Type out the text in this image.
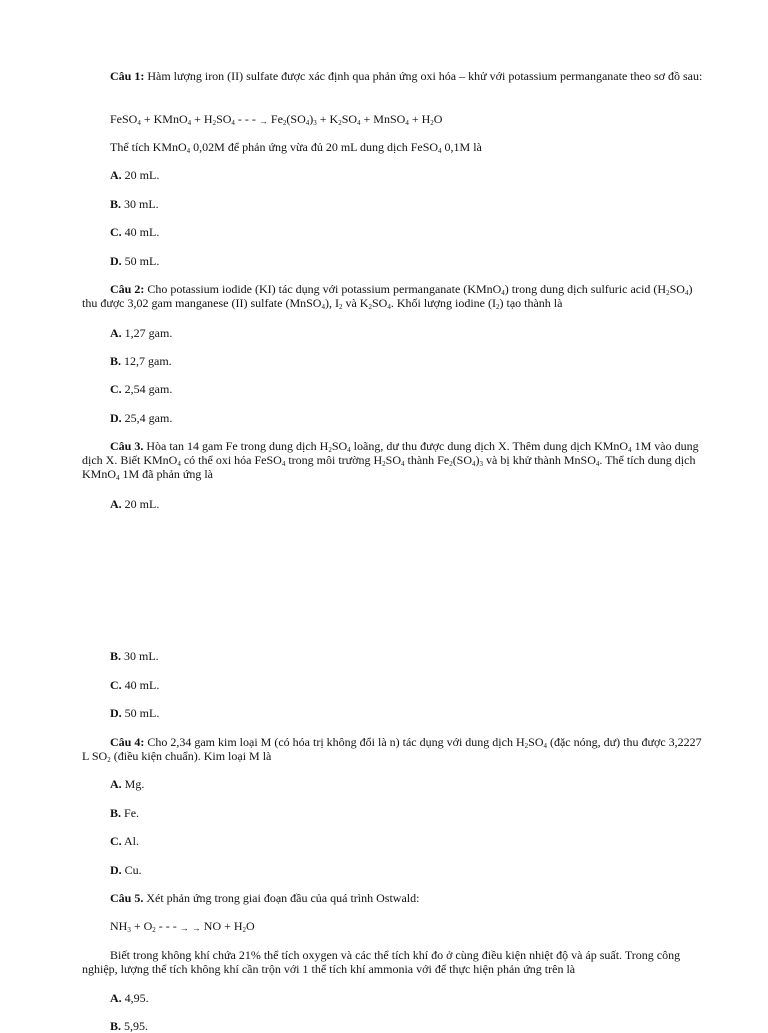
Câu 1: Hàm lượng iron (II) sulfate được xác định qua phản ứng oxi hóa – khử với potassium permanganate theo sơ đồ sau:

FeSO$_4$ + KMnO$_4$ + $H_2SO_4$ - - - → $Fe_2(SO_4)_3 + K_2SO_4$ + MnSO$_4$ + $H_2O$

Thể tích KMnO$_4$ 0,02M để phản ứng vừa đủ 20 mL dung dịch FeSO$_4$ 0,1M là

A. 20 mL.

B. 30 mL.

C. 40 mL.

D. 50 mL.

Câu 2: Cho potassium iodide (KI) tác dụng với potassium permanganate (KMnO$_4$) trong dung dịch sulfuric acid $(H_2SO_4)$ thu được 3,02 gam manganese (II) sulfate (MnSO$_4$), $I_2$ và $K_2SO_4$. Khối lượng iodine $(I_2)$ tạo thành là

A. 1,27 gam.

B. 12,7 gam.

C. 2,54 gam.

D. 25,4 gam.

Câu 3. Hòa tan 14 gam Fe trong dung dịch $H_2SO_4$ loãng, dư thu được dung dịch X. Thêm dung dịch KMnO$_4$ 1M vào dung dịch X. Biết KMnO$_4$ có thể oxi hóa FeSO$_4$ trong môi trường $H_2SO_4$ thành $Fe_2(SO_4)_3$ và bị khử thành MnSO$_4$. Thể tích dung dịch KMnO$_4$ 1M đã phản ứng là

A. 20 mL.

B. 30 mL.

C. 40 mL.

D. 50 mL.

Câu 4: Cho 2,34 gam kim loại M (có hóa trị không đổi là n) tác dụng với dung dịch $H_2SO_4$ (đặc nóng, dư) thu được 3,2227 L $SO_2$ (điều kiện chuẩn). Kim loại M là

A. Mg.

B. Fe.

C. Al.

D. Cu.

Câu 5. Xét phản ứng trong giai đoạn đầu của quá trình Ostwald:

$NH_3 + O_2$ - - - → → NO + $H_2O$

Biết trong không khí chứa 21% thể tích oxygen và các thể tích khí đo ở cùng điều kiện nhiệt độ và áp suất. Trong công nghiệp, lượng thể tích không khí cần trộn với 1 thể tích khí ammonia với để thực hiện phản ứng trên là

A. 4,95.

B. 5,95.
